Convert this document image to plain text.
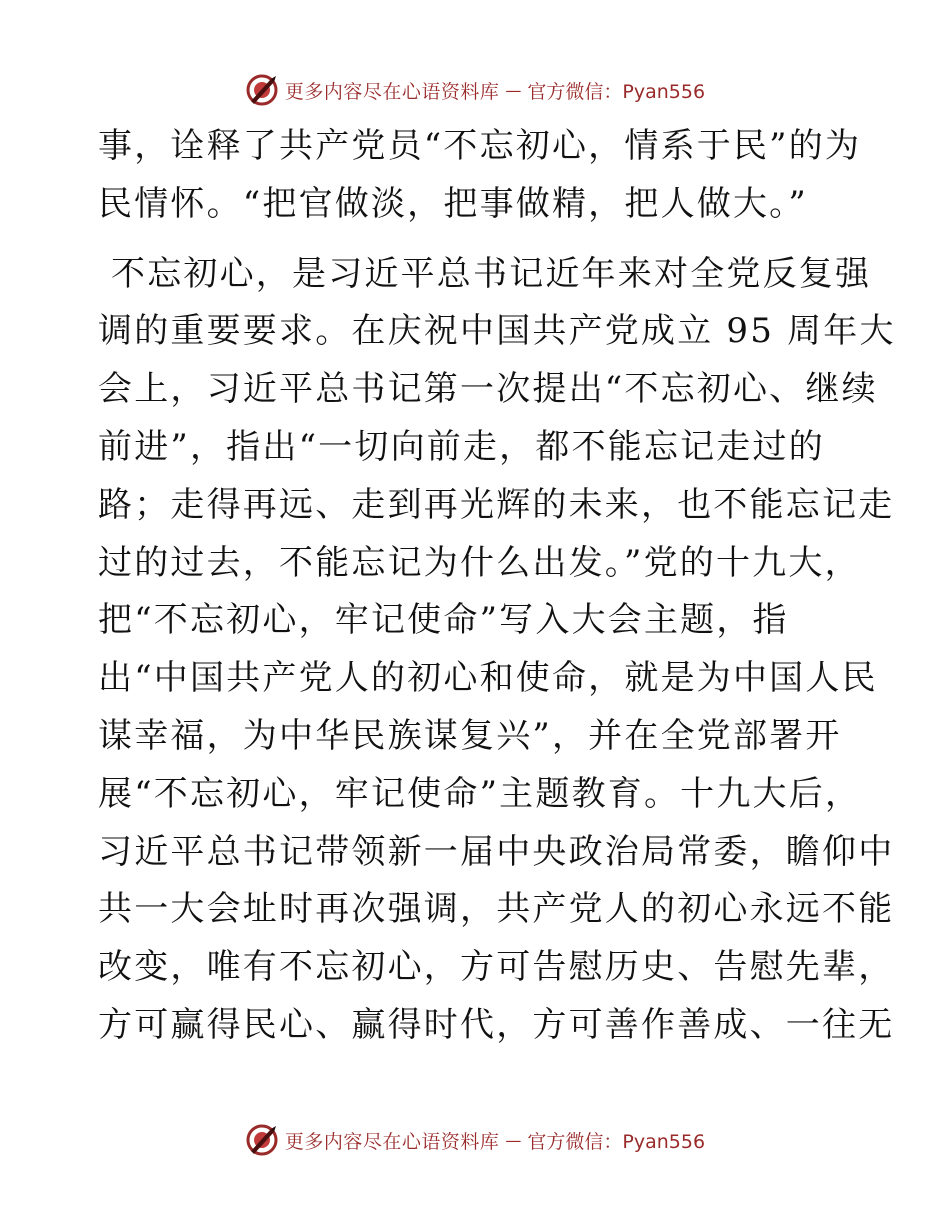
更多内容尽在心语资料库 — 官方微信：Pyan556
事，诠释了共产党员“不忘初心，情系于民”的为
民情怀。“把官做淡，把事做精，把人做大。”
不忘初心，是习近平总书记近年来对全党反复强
调的重要要求。在庆祝中国共产党成立 95 周年大
会上，习近平总书记第一次提出“不忘初心、继续
前进”，指出“一切向前走，都不能忘记走过的
路；走得再远、走到再光辉的未来，也不能忘记走
过的过去，不能忘记为什么出发。”党的十九大，
把“不忘初心，牢记使命”写入大会主题，指
出“中国共产党人的初心和使命，就是为中国人民
谋幸福，为中华民族谋复兴”，并在全党部署开
展“不忘初心，牢记使命”主题教育。十九大后，
习近平总书记带领新一届中央政治局常委，瞻仰中
共一大会址时再次强调，共产党人的初心永远不能
改变，唯有不忘初心，方可告慰历史、告慰先辈，
方可赢得民心、赢得时代，方可善作善成、一往无
更多内容尽在心语资料库 — 官方微信：Pyan556
